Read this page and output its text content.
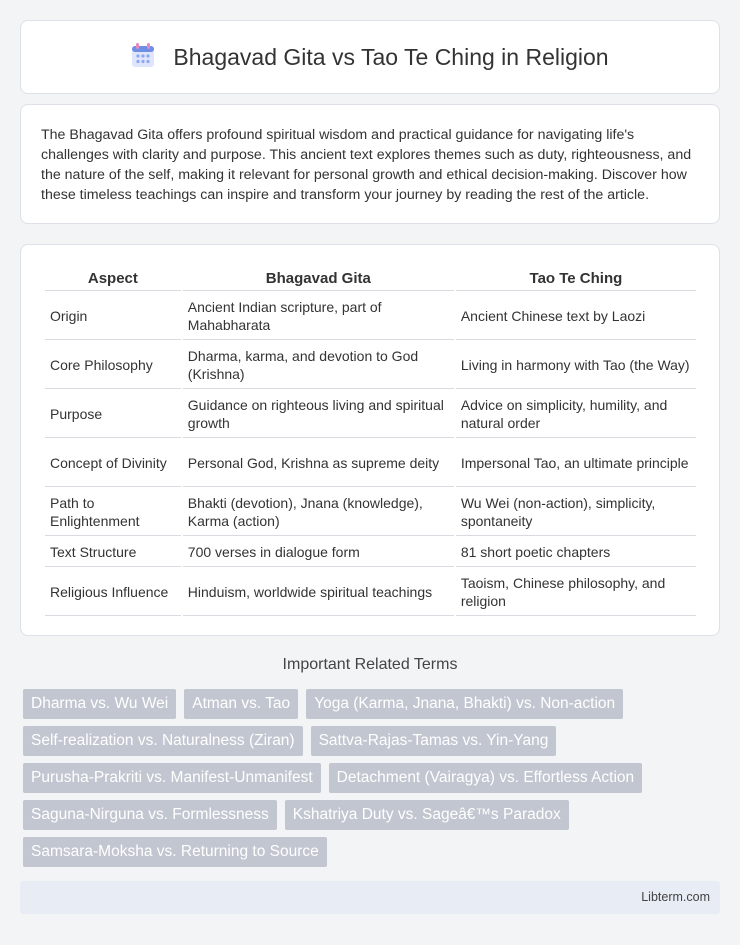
Bhagavad Gita vs Tao Te Ching in Religion

The Bhagavad Gita offers profound spiritual wisdom and practical guidance for navigating life's challenges with clarity and purpose. This ancient text explores themes such as duty, righteousness, and the nature of the self, making it relevant for personal growth and ethical decision-making. Discover how these timeless teachings can inspire and transform your journey by reading the rest of the article.

Aspect	Bhagavad Gita	Tao Te Ching
Origin	Ancient Indian scripture, part of Mahabharata	Ancient Chinese text by Laozi
Core Philosophy	Dharma, karma, and devotion to God (Krishna)	Living in harmony with Tao (the Way)
Purpose	Guidance on righteous living and spiritual growth	Advice on simplicity, humility, and natural order
Concept of Divinity	Personal God, Krishna as supreme deity	Impersonal Tao, an ultimate principle
Path to Enlightenment	Bhakti (devotion), Jnana (knowledge), Karma (action)	Wu Wei (non-action), simplicity, spontaneity
Text Structure	700 verses in dialogue form	81 short poetic chapters
Religious Influence	Hinduism, worldwide spiritual teachings	Taoism, Chinese philosophy, and religion
Important Related Terms
Dharma vs. Wu Wei	Atman vs. Tao	Yoga (Karma, Jnana, Bhakti) vs. Non-action
Self-realization vs. Naturalness (Ziran)	Sattva-Rajas-Tamas vs. Yin-Yang
Purusha-Prakriti vs. Manifest-Unmanifest	Detachment (Vairagya) vs. Effortless Action
Saguna-Nirguna vs. Formlessness	Kshatriya Duty vs. Sageâ€™s Paradox
Samsara-Moksha vs. Returning to Source
Libterm.com
